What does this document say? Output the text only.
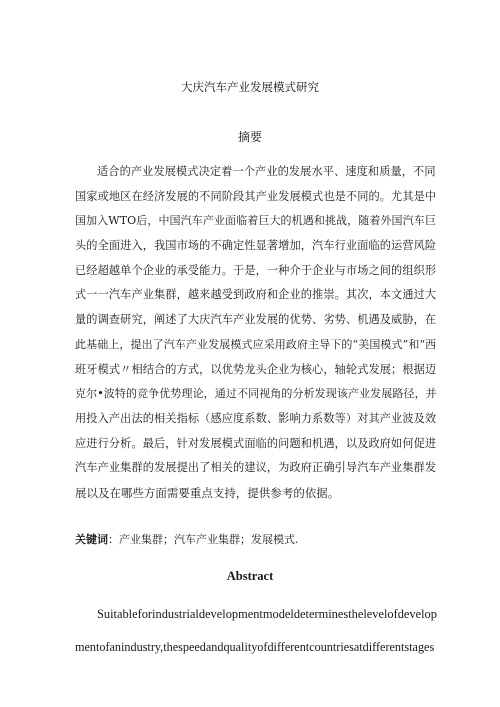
大庆汽车产业发展模式研究
摘要
适合的产业发展模式决定着一个产业的发展水平、速度和质量，不同
国家或地区在经济发展的不同阶段其产业发展模式也是不同的。尤其是中
国加入WTO后，中国汽车产业面临着巨大的机遇和挑战，随着外国汽车巨
头的全面进入，我国市场的不确定性显著增加，汽车行业面临的运营风险
已经超越单个企业的承受能力。于是，一种介于企业与市场之间的组织形
式一一汽车产业集群，越来越受到政府和企业的推崇。其次，本文通过大
量的调查研究，阐述了大庆汽车产业发展的优势、劣势、机遇及威胁，在
此基础上，提出了汽车产业发展模式应采用政府主导下的“美国模式”和“西
班牙模式〃相结合的方式，以优势龙头企业为核心，轴轮式发展；根据迈
克尔•波特的竞争优势理论，通过不同视角的分析发现该产业发展路径，并
用投入产出法的相关指标（感应度系数、影响力系数等）对其产业波及效
应进行分析。最后，针对发展模式面临的问题和机遇，以及政府如何促进
汽车产业集群的发展提出了相关的建议，为政府正确引导汽车产业集群发
展以及在哪些方面需要重点支持，提供参考的依据。
关键词：产业集群；汽车产业集群；发展模式.
Abstract
Suitableforindustrialdevelopmentmodeldeterminesthelevelofdevelop
mentofanindustry,thespeedandqualityofdifferentcountriesatdifferentstages
